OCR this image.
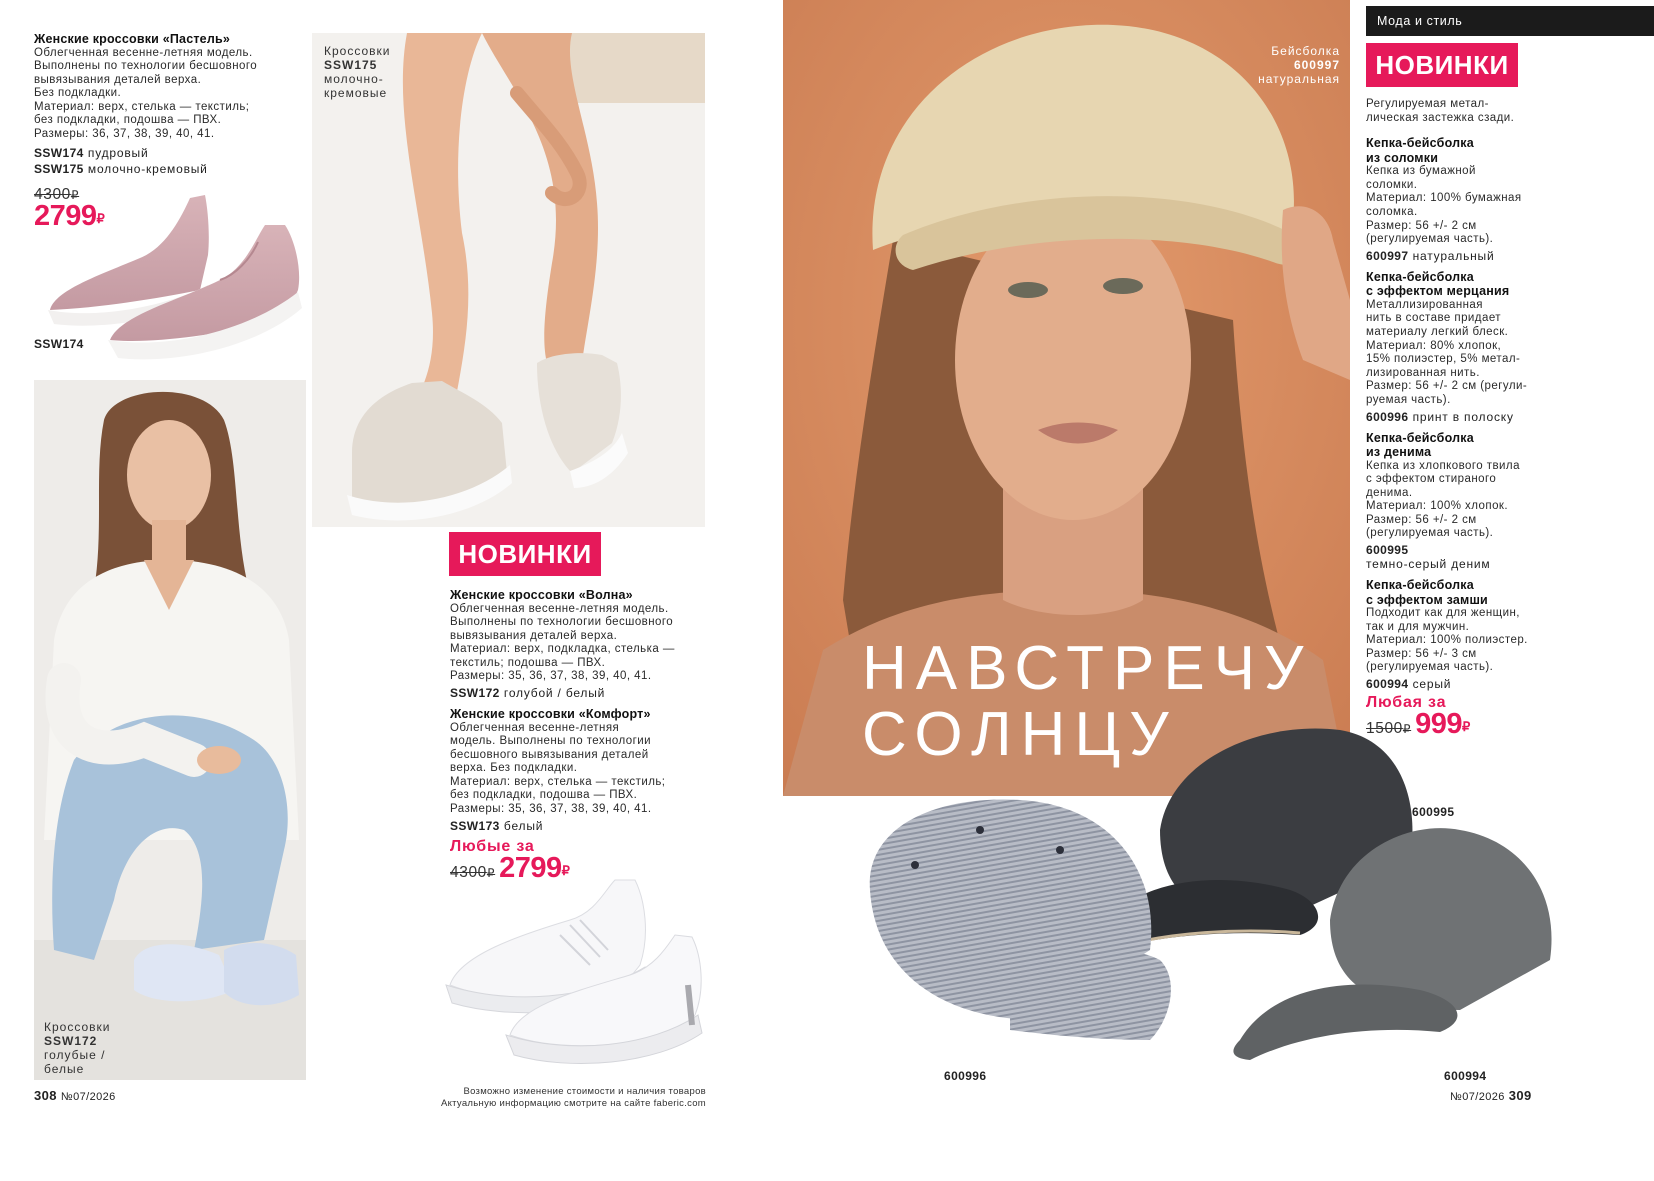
Женские кроссовки «Пастель»
Облегченная весенне-летняя модель.
Выполнены по технологии бесшовного
вывязывания деталей верха.
Без подкладки.
Материал: верх, стелька — текстиль;
без подкладки, подошва — ПВХ.
Размеры: 36, 37, 38, 39, 40, 41.
SSW174 пудровый
SSW175 молочно-кремовый
4300₽
2799₽
SSW174
Кроссовки
SSW175
молочно-
кремовые
Кроссовки
SSW172
голубые /
белые
НОВИНКИ
Женские кроссовки «Волна»
Облегченная весенне-летняя модель.
Выполнены по технологии бесшовного
вывязывания деталей верха.
Материал: верх, подкладка, стелька —
текстиль; подошва — ПВХ.
Размеры: 35, 36, 37, 38, 39, 40, 41.
SSW172 голубой / белый
Женские кроссовки «Комфорт»
Облегченная весенне-летняя
модель. Выполнены по технологии
бесшовного вывязывания деталей
верха. Без подкладки.
Материал: верх, стелька — текстиль;
без подкладки, подошва — ПВХ.
Размеры: 35, 36, 37, 38, 39, 40, 41.
SSW173 белый
Любые за
4300₽ 2799₽
308 №07/2026	Возможно изменение стоимости и наличия товаров
Актуальную информацию смотрите на сайте faberic.com
Бейсболка
600997
натуральная
НАВСТРЕЧУ
СОЛНЦУ
Мода и стиль
НОВИНКИ
Регулируемая метал-
лическая застежка сзади.
Кепка-бейсболка
из соломки
Кепка из бумажной
соломки.
Материал: 100% бумажная
соломка.
Размер: 56 +/- 2 см
(регулируемая часть).
600997 натуральный
Кепка-бейсболка
с эффектом мерцания
Металлизированная
нить в составе придает
материалу легкий блеск.
Материал: 80% хлопок,
15% полиэстер, 5% метал-
лизированная нить.
Размер: 56 +/- 2 см (регули-
руемая часть).
600996 принт в полоску
Кепка-бейсболка
из денима
Кепка из хлопкового твила
с эффектом стираного
денима.
Материал: 100% хлопок.
Размер: 56 +/- 2 см
(регулируемая часть).
600995
темно-серый деним
Кепка-бейсболка
с эффектом замши
Подходит как для женщин,
так и для мужчин.
Материал: 100% полиэстер.
Размер: 56 +/- 3 см
(регулируемая часть).
600994 серый
Любая за
1500₽ 999₽
600995
600996	600994
№07/2026 309
